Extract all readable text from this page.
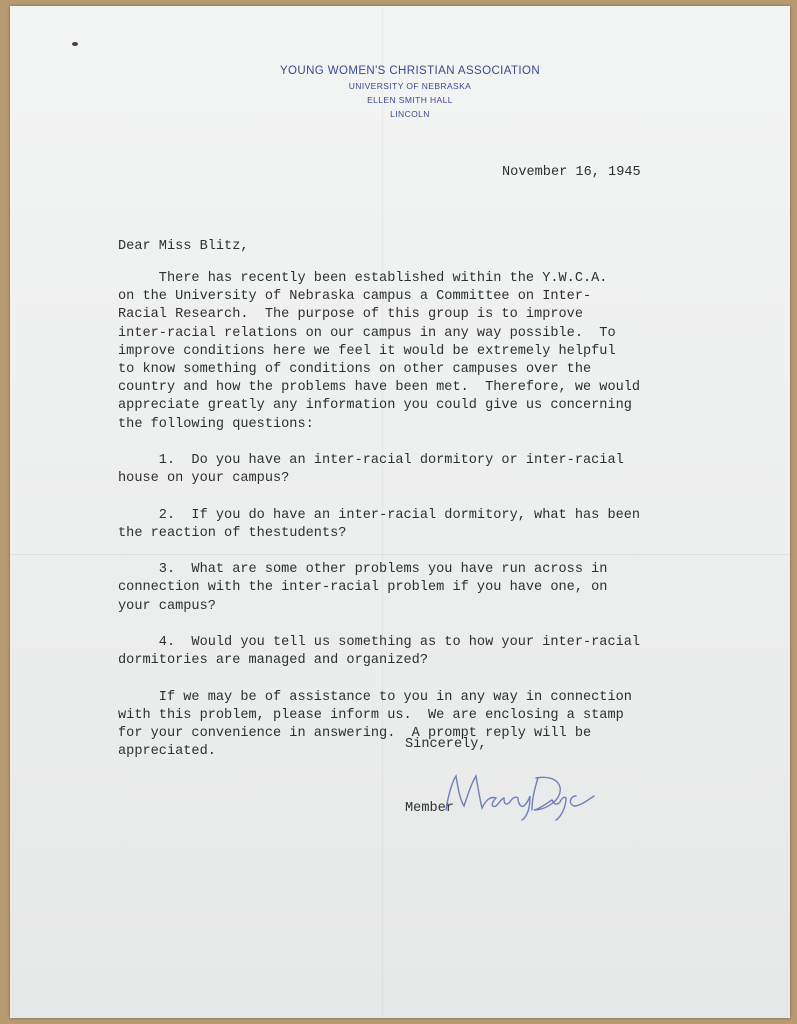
YOUNG WOMEN'S CHRISTIAN ASSOCIATION
UNIVERSITY OF NEBRASKA
ELLEN SMITH HALL
LINCOLN

November 16, 1945

Dear Miss Blitz,

There has recently been established within the Y.W.C.A.
on the University of Nebraska campus a Committee on Inter-
Racial Research.  The purpose of this group is to improve
inter-racial relations on our campus in any way possible.  To
improve conditions here we feel it would be extremely helpful
to know something of conditions on other campuses over the
country and how the problems have been met.  Therefore, we would
appreciate greatly any information you could give us concerning
the following questions:

1.  Do you have an inter-racial dormitory or inter-racial
house on your campus?

2.  If you do have an inter-racial dormitory, what has been
the reaction of thestudents?

3.  What are some other problems you have run across in
connection with the inter-racial problem if you have one, on
your campus?

4.  Would you tell us something as to how your inter-racial
dormitories are managed and organized?

If we may be of assistance to you in any way in connection
with this problem, please inform us.  We are enclosing a stamp
for your convenience in answering.  A prompt reply will be
appreciated.	Sincerely,

Mary Dye

Member
